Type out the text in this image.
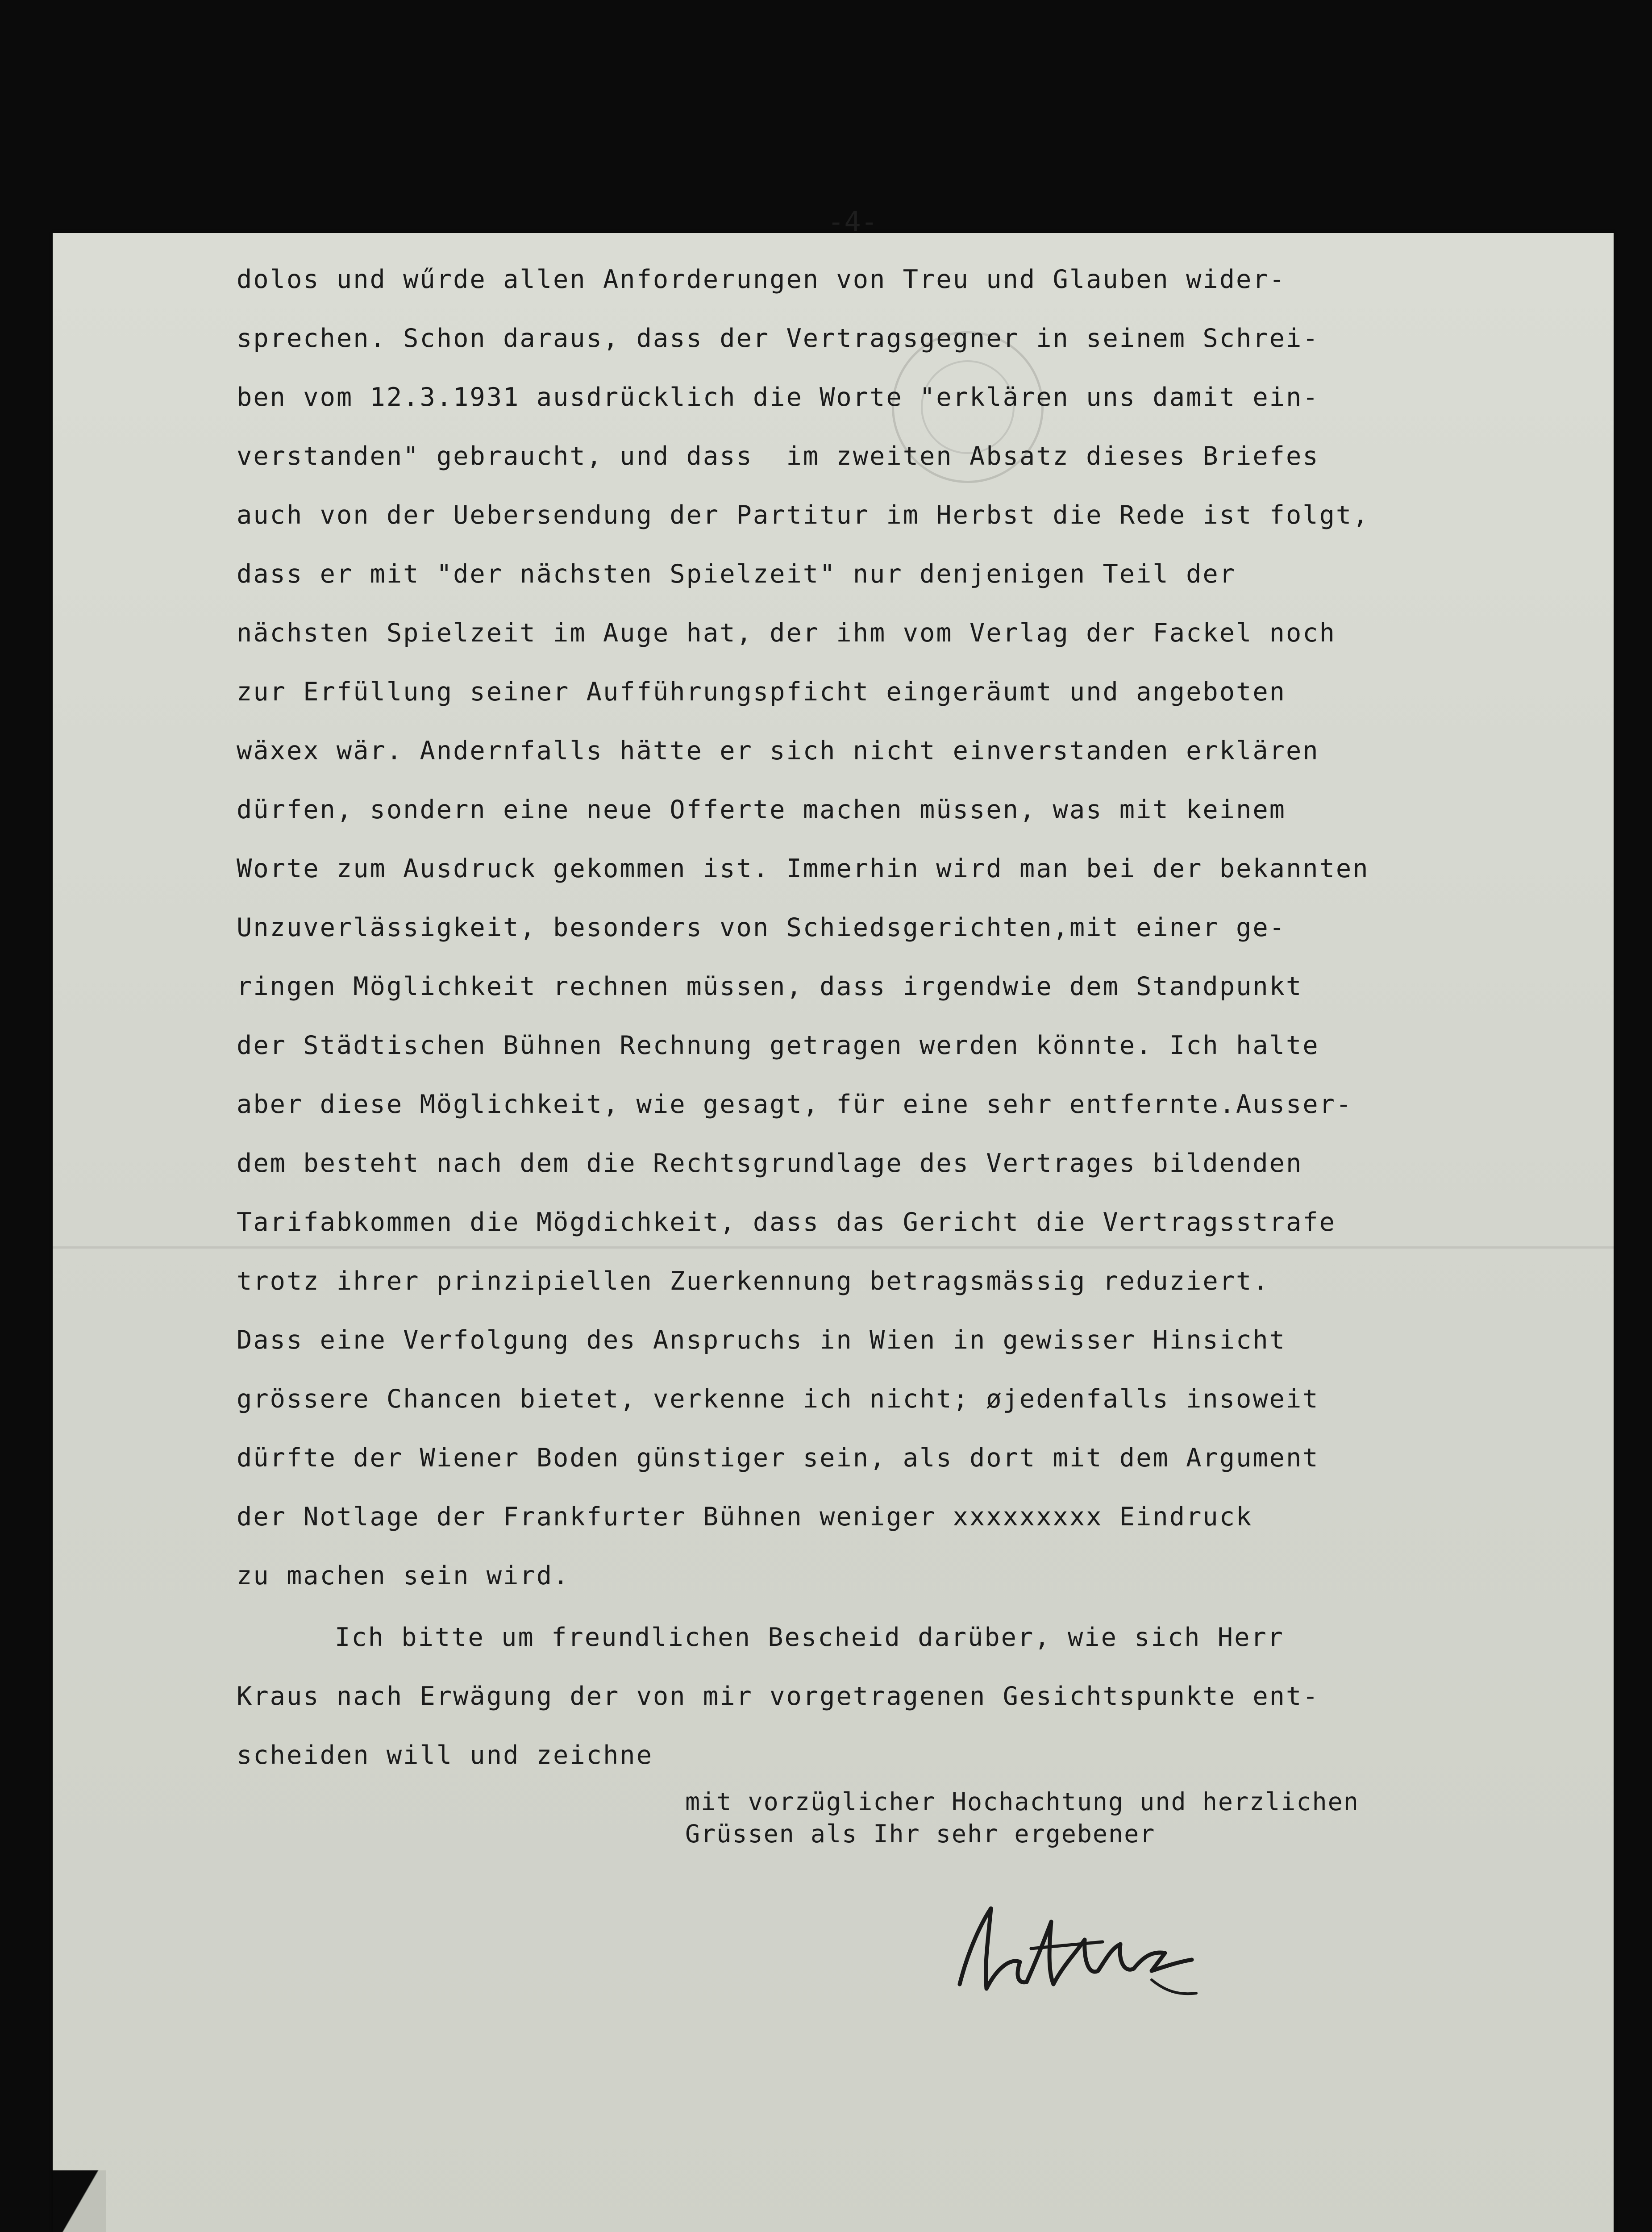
-4-
dolos und wűrde allen Anforderungen von Treu und Glauben wider-
sprechen. Schon daraus, dass der Vertragsgegner in seinem Schrei-
ben vom 12.3.1931 ausdrücklich die Worte "erklären uns damit ein-
verstanden" gebraucht, und dass  im zweiten Absatz dieses Briefes
auch von der Uebersendung der Partitur im Herbst die Rede ist folgt,
dass er mit "der nächsten Spielzeit" nur denjenigen Teil der
nächsten Spielzeit im Auge hat, der ihm vom Verlag der Fackel noch
zur Erfüllung seiner Aufführungspficht eingeräumt und angeboten
wäxex wär. Andernfalls hätte er sich nicht einverstanden erklären
dürfen, sondern eine neue Offerte machen müssen, was mit keinem
Worte zum Ausdruck gekommen ist. Immerhin wird man bei der bekannten
Unzuverlässigkeit, besonders von Schiedsgerichten,mit einer ge-
ringen Möglichkeit rechnen müssen, dass irgendwie dem Standpunkt
der Städtischen Bühnen Rechnung getragen werden könnte. Ich halte
aber diese Möglichkeit, wie gesagt, für eine sehr entfernte.Ausser-
dem besteht nach dem die Rechtsgrundlage des Vertrages bildenden
Tarifabkommen die Mögdichkeit, dass das Gericht die Vertragsstrafe
trotz ihrer prinzipiellen Zuerkennung betragsmässig reduziert.
Dass eine Verfolgung des Anspruchs in Wien in gewisser Hinsicht
grössere Chancen bietet, verkenne ich nicht; øjedenfalls insoweit
dürfte der Wiener Boden günstiger sein, als dort mit dem Argument
der Notlage der Frankfurter Bühnen weniger xxxxxxxxx Eindruck
zu machen sein wird.
Ich bitte um freundlichen Bescheid darüber, wie sich Herr
Kraus nach Erwägung der von mir vorgetragenen Gesichtspunkte ent-
scheiden will und zeichne
mit vorzüglicher Hochachtung und herzlichen
Grüssen als Ihr sehr ergebener
